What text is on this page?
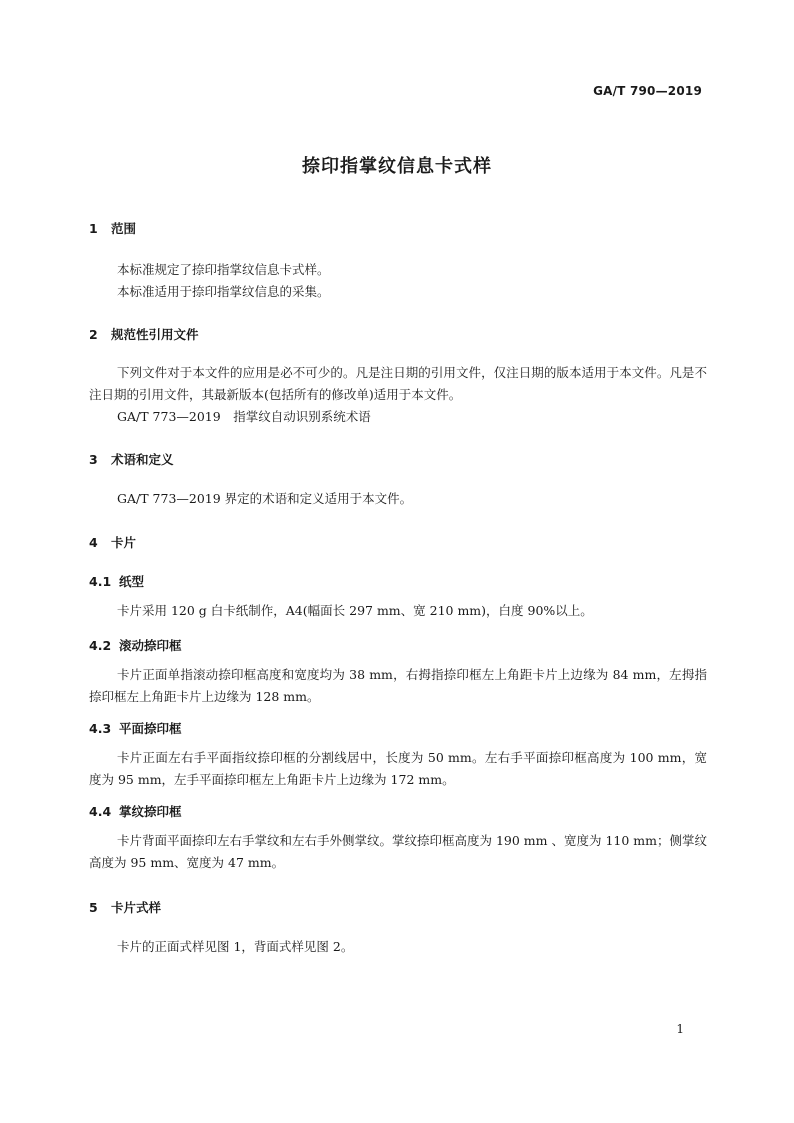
GA/T 790—2019
捺印指掌纹信息卡式样
1 范围

本标准规定了捺印指掌纹信息卡式样。

本标准适用于捺印指掌纹信息的采集。

2 规范性引用文件

下列文件对于本文件的应用是必不可少的。凡是注日期的引用文件，仅注日期的版本适用于本文件。凡是不注日期的引用文件，其最新版本(包括所有的修改单)适用于本文件。

GA/T 773—2019　指掌纹自动识别系统术语

3 术语和定义

GA/T 773—2019 界定的术语和定义适用于本文件。

4 卡片
4.1 纸型

卡片采用 120 g 白卡纸制作，A4(幅面长 297 mm、宽 210 mm)，白度 90%以上。

4.2 滚动捺印框

卡片正面单指滚动捺印框高度和宽度均为 38 mm，右拇指捺印框左上角距卡片上边缘为 84 mm，左拇指捺印框左上角距卡片上边缘为 128 mm。

4.3 平面捺印框

卡片正面左右手平面指纹捺印框的分割线居中，长度为 50 mm。左右手平面捺印框高度为 100 mm，宽度为 95 mm，左手平面捺印框左上角距卡片上边缘为 172 mm。

4.4 掌纹捺印框

卡片背面平面捺印左右手掌纹和左右手外侧掌纹。掌纹捺印框高度为 190 mm 、宽度为 110 mm；侧掌纹高度为 95 mm、宽度为 47 mm。

5 卡片式样

卡片的正面式样见图 1，背面式样见图 2。

1
